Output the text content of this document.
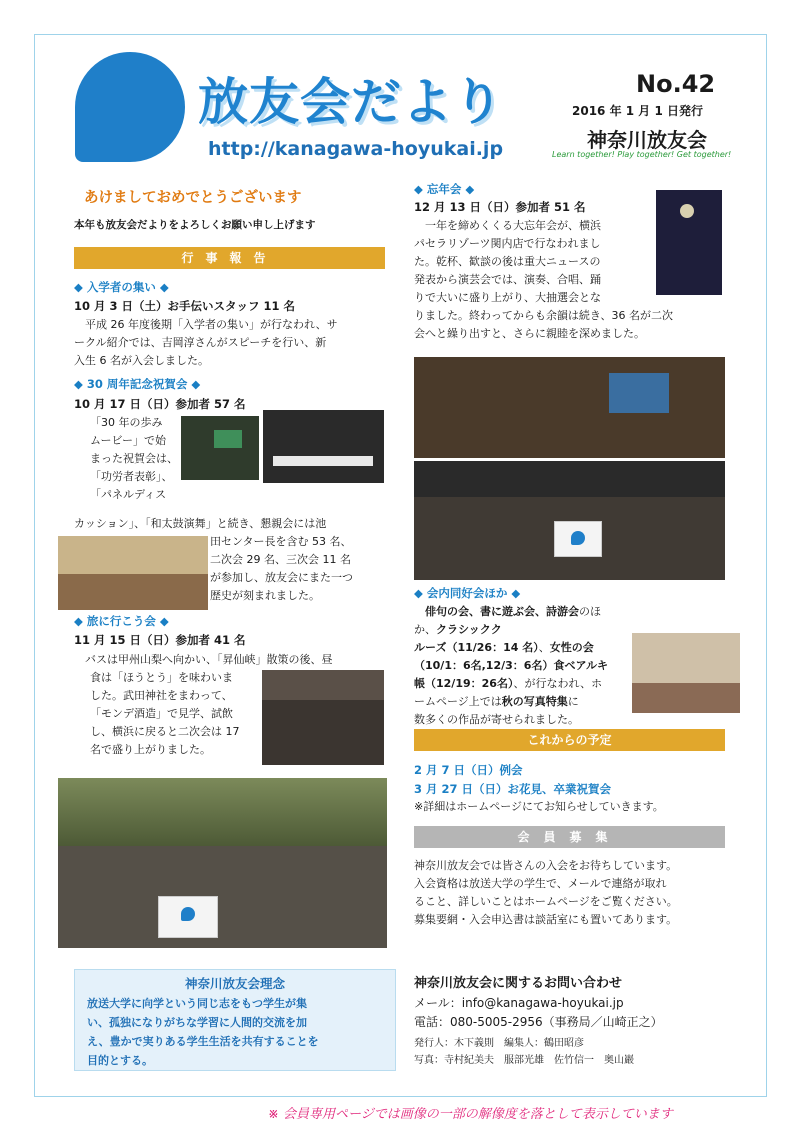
放友会だより
http://kanagawa-hoyukai.jp
No.42
2016 年 1 月 1 日発行
神奈川放友会
Learn together! Play together! Get together!
あけましておめでとうございます
本年も放友会だよりをよろしくお願い申し上げます
行事報告
◆ 入学者の集い ◆
10 月 3 日（土）お手伝いスタッフ 11 名
　平成 26 年度後期「入学者の集い」が行なわれ、サ
ークル紹介では、吉岡淳さんがスピーチを行い、新
入生 6 名が入会しました。
◆ 30 周年記念祝賀会 ◆
10 月 17 日（日）参加者 57 名
「30 年の歩み
ムービー」で始
まった祝賀会は、
「功労者表彰」、
「パネルディス
カッション」、「和太鼓演舞」と続き、懇親会には池
田センター長を含む 53 名、
二次会 29 名、三次会 11 名
が参加し、放友会にまた一つ
歴史が刻まれました。
◆ 旅に行こう会 ◆
11 月 15 日（日）参加者 41 名
　バスは甲州山梨へ向かい、「昇仙峡」散策の後、昼
食は「ほうとう」を味わいま
した。武田神社をまわって、
「モンデ酒造」で見学、試飲
し、横浜に戻ると二次会は 17
名で盛り上がりました。
◆ 忘年会 ◆
12 月 13 日（日）参加者 51 名
　一年を締めくくる大忘年会が、横浜
パセラリゾーツ関内店で行なわれまし
た。乾杯、歓談の後は重大ニュースの
発表から演芸会では、演奏、合唱、踊
りで大いに盛り上がり、大抽選会とな
りました。終わってからも余韻は続き、36 名が二次
会へと繰り出すと、さらに親睦を深めました。
◆ 会内同好会ほか ◆
　俳句の会、書に遊ぶ会、詩游会のほか、クラシックク
ルーズ（11/26：14 名）、女性の会
（10/1：6名,12/3：6名）食べアルキ
帳（12/19：26名）、が行なわれ、ホ
ームページ上では秋の写真特集に
数多くの作品が寄せられました。
これからの予定
2 月 7 日（日）例会
3 月 27 日（日）お花見、卒業祝賀会
※詳細はホームページにてお知らせしていきます。
会員募集
神奈川放友会では皆さんの入会をお待ちしています。
入会資格は放送大学の学生で、メールで連絡が取れ
ること、詳しいことはホームページをご覧ください。
募集要網・入会申込書は談話室にも置いてあります。
神奈川放友会理念
放送大学に向学という同じ志をもつ学生が集
い、孤独になりがちな学習に人間的交流を加
え、豊かで実りある学生生活を共有することを
目的とする。
神奈川放友会に関するお問い合わせ
メール：info@kanagawa-hoyukai.jp
電話：080-5005-2956（事務局／山崎正之）
発行人：木下義則　編集人：鶴田昭彦
写真：寺村紀美夫　服部光雄　佐竹信一　奥山巖
※ 会員専用ページでは画像の一部の解像度を落として表示しています
